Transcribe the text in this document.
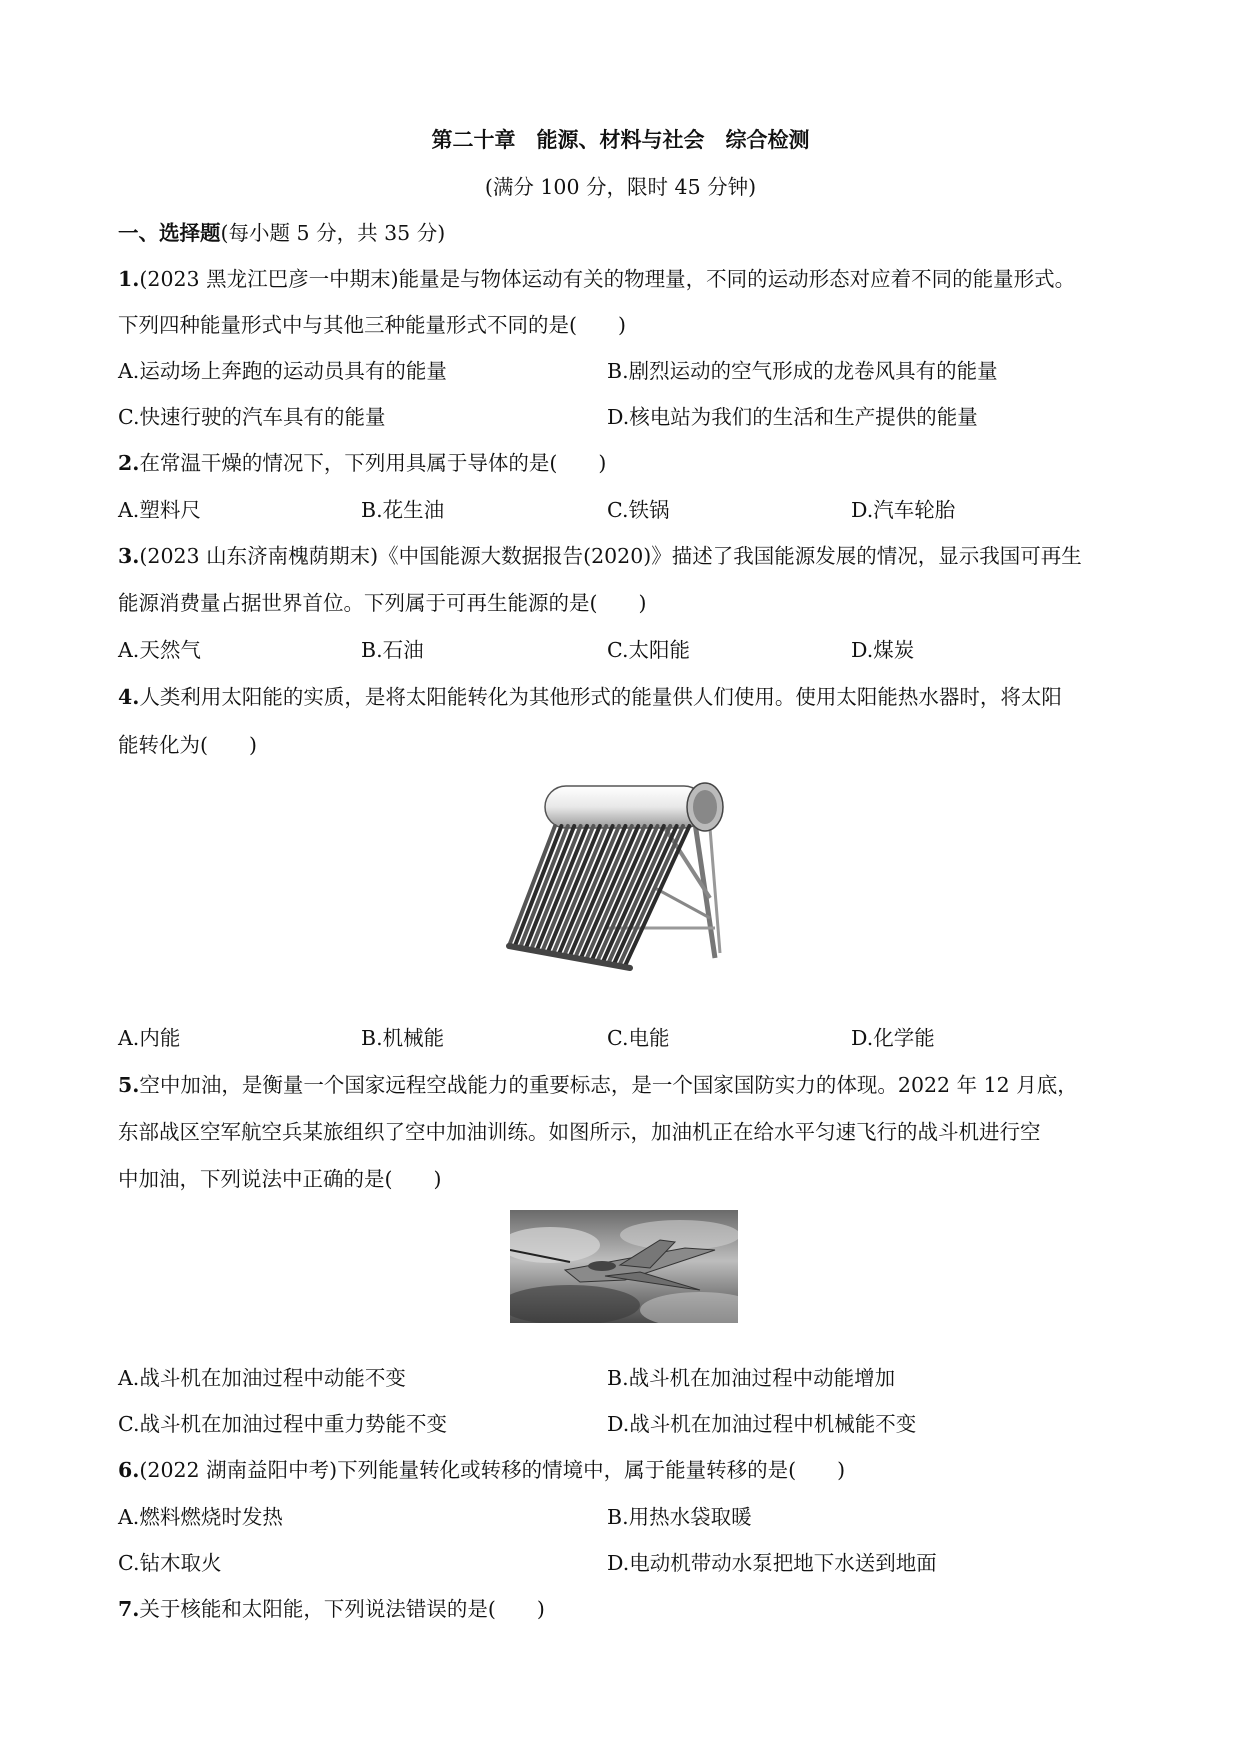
第二十章　能源、材料与社会　综合检测
(满分 100 分，限时 45 分钟)
一、选择题(每小题 5 分，共 35 分)
1.(2023 黑龙江巴彦一中期末)能量是与物体运动有关的物理量，不同的运动形态对应着不同的能量形式。
下列四种能量形式中与其他三种能量形式不同的是(　　)
A.运动场上奔跑的运动员具有的能量	B.剧烈运动的空气形成的龙卷风具有的能量
C.快速行驶的汽车具有的能量	D.核电站为我们的生活和生产提供的能量
2.在常温干燥的情况下，下列用具属于导体的是(　　)
A.塑料尺	B.花生油	C.铁锅	D.汽车轮胎
3.(2023 山东济南槐荫期末)《中国能源大数据报告(2020)》描述了我国能源发展的情况，显示我国可再生
能源消费量占据世界首位。下列属于可再生能源的是(　　)
A.天然气	B.石油	C.太阳能	D.煤炭
4.人类利用太阳能的实质，是将太阳能转化为其他形式的能量供人们使用。使用太阳能热水器时，将太阳
能转化为(　　)
A.内能	B.机械能	C.电能	D.化学能
5.空中加油，是衡量一个国家远程空战能力的重要标志，是一个国家国防实力的体现。2022 年 12 月底，
东部战区空军航空兵某旅组织了空中加油训练。如图所示，加油机正在给水平匀速飞行的战斗机进行空
中加油，下列说法中正确的是(　　)
A.战斗机在加油过程中动能不变	B.战斗机在加油过程中动能增加
C.战斗机在加油过程中重力势能不变	D.战斗机在加油过程中机械能不变
6.(2022 湖南益阳中考)下列能量转化或转移的情境中，属于能量转移的是(　　)
A.燃料燃烧时发热	B.用热水袋取暖
C.钻木取火	D.电动机带动水泵把地下水送到地面
7.关于核能和太阳能，下列说法错误的是(　　)
